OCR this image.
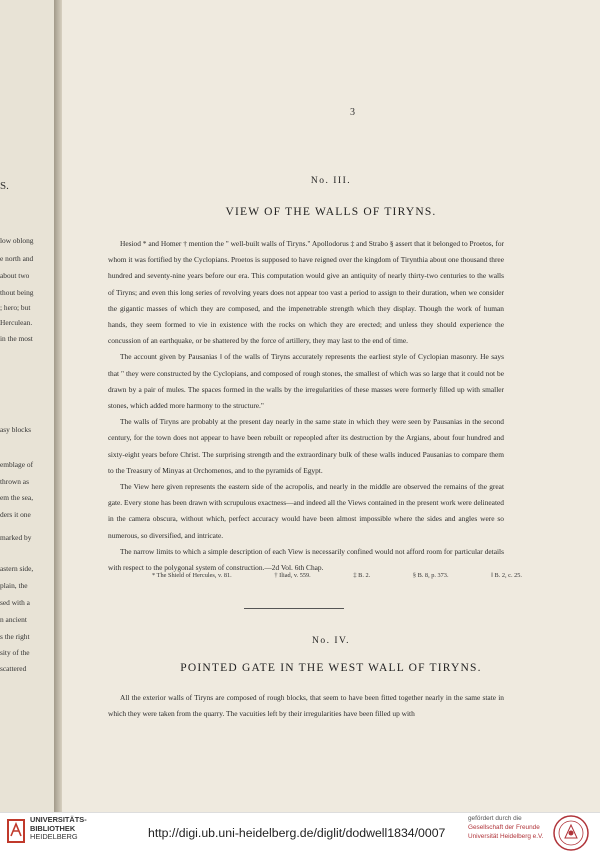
S.
low oblong
e north and
about two
thout being
; hero; but
Herculean.
in the most
asy blocks
emblage of
thrown as
em the sea,
ders it one
marked by
astern side,
plain, the
sed with a
n ancient
s the right
sity of the
scattered
3
No. III.
VIEW OF THE WALLS OF TIRYNS.

Hesiod * and Homer † mention the " well-built walls of Tiryns." Apollodorus ‡ and Strabo § assert that it belonged to Proetos, for whom it was fortified by the Cyclopians. Proetos is supposed to have reigned over the kingdom of Tirynthia about one thousand three hundred and seventy-nine years before our era. This computation would give an antiquity of nearly thirty-two centuries to the walls of Tiryns; and even this long series of revolving years does not appear too vast a period to assign to their duration, when we consider the gigantic masses of which they are composed, and the impenetrable strength which they display. Though the work of human hands, they seem formed to vie in existence with the rocks on which they are erected; and unless they should experience the concussion of an earthquake, or be shattered by the force of artillery, they may last to the end of time.

The account given by Pausanias ‖ of the walls of Tiryns accurately represents the earliest style of Cyclopian masonry. He says that " they were constructed by the Cyclopians, and composed of rough stones, the smallest of which was so large that it could not be drawn by a pair of mules. The spaces formed in the walls by the irregularities of these masses were formerly filled up with smaller stones, which added more harmony to the structure."

The walls of Tiryns are probably at the present day nearly in the same state in which they were seen by Pausanias in the second century, for the town does not appear to have been rebuilt or repeopled after its destruction by the Argians, about four hundred and sixty-eight years before Christ. The surprising strength and the extraordinary bulk of these walls induced Pausanias to compare them to the Treasury of Minyas at Orchomenos, and to the pyramids of Egypt.

The View here given represents the eastern side of the acropolis, and nearly in the middle are observed the remains of the great gate. Every stone has been drawn with scrupulous exactness—and indeed all the Views contained in the present work were delineated in the camera obscura, without which, perfect accuracy would have been almost impossible where the sides and angles were so numerous, so diversified, and intricate.

The narrow limits to which a simple description of each View is necessarily confined would not afford room for particular details with respect to the polygonal system of construction.—2d Vol. 6th Chap.

* The Shield of Hercules, v. 81.	† Iliad, v. 559.	‡ B. 2.	§ B. 8, p. 373.	‖ B. 2, c. 25.
No. IV.
POINTED GATE IN THE WEST WALL OF TIRYNS.

All the exterior walls of Tiryns are composed of rough blocks, that seem to have been fitted together nearly in the same state in which they were taken from the quarry. The vacuities left by their irregularities have been filled up with

UNIVERSITÄTS-
BIBLIOTHEK
HEIDELBERG	http://digi.ub.uni-heidelberg.de/diglit/dodwell1834/0007
gefördert durch die
Gesellschaft der Freunde
Universität Heidelberg e.V.
